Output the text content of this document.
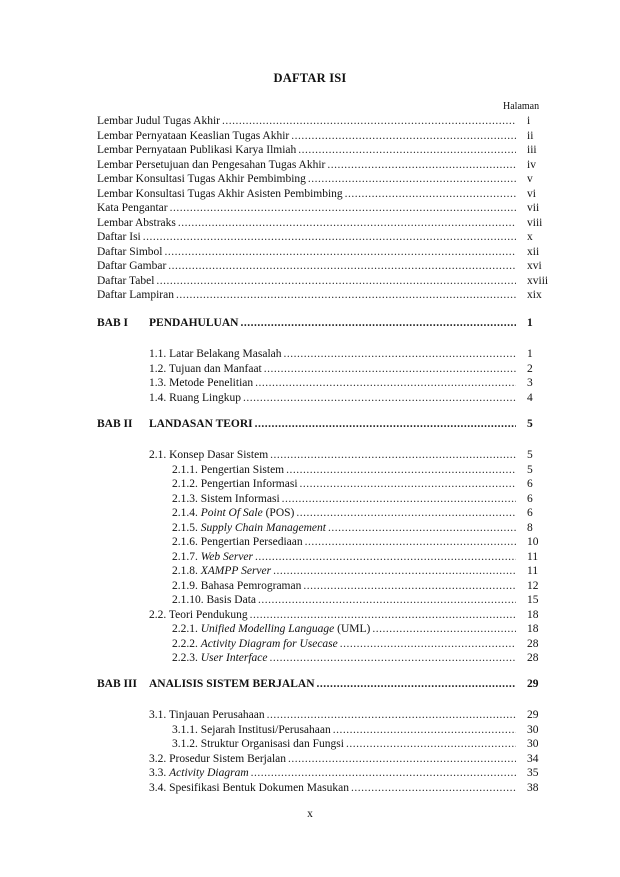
DAFTAR ISI
Halaman
Lembar Judul Tugas Akhir .....	i
Lembar Pernyataan Keaslian Tugas Akhir .....	ii
Lembar Pernyataan Publikasi Karya Ilmiah .....	iii
Lembar Persetujuan dan Pengesahan Tugas Akhir .....	iv
Lembar Konsultasi Tugas Akhir Pembimbing .....	v
Lembar Konsultasi Tugas Akhir Asisten Pembimbing .....	vi
Kata Pengantar .....	vii
Lembar Abstraks .....	viii
Daftar Isi .....	x
Daftar Simbol .....	xii
Daftar Gambar .....	xvi
Daftar Tabel .....	xviii
Daftar Lampiran .....	xix
BAB I PENDAHULUAN .....	1
1.1. Latar Belakang Masalah .....	1
1.2. Tujuan dan Manfaat .....	2
1.3. Metode Penelitian .....	3
1.4. Ruang Lingkup .....	4
BAB II LANDASAN TEORI .....	5
2.1. Konsep Dasar Sistem .....	5
2.1.1. Pengertian Sistem .....	5
2.1.2. Pengertian Informasi .....	6
2.1.3. Sistem Informasi .....	6
2.1.4. Point Of Sale (POS) .....	6
2.1.5. Supply Chain Management .....	8
2.1.6. Pengertian Persediaan .....	10
2.1.7. Web Server .....	11
2.1.8. XAMPP Server .....	11
2.1.9. Bahasa Pemrograman .....	12
2.1.10. Basis Data .....	15
2.2. Teori Pendukung .....	18
2.2.1. Unified Modelling Language (UML) .....	18
2.2.2. Activity Diagram for Usecase .....	28
2.2.3. User Interface .....	28
BAB III ANALISIS SISTEM BERJALAN .....	29
3.1. Tinjauan Perusahaan .....	29
3.1.1. Sejarah Institusi/Perusahaan .....	30
3.1.2. Struktur Organisasi dan Fungsi .....	30
3.2. Prosedur Sistem Berjalan .....	34
3.3. Activity Diagram .....	35
3.4. Spesifikasi Bentuk Dokumen Masukan .....	38
x
